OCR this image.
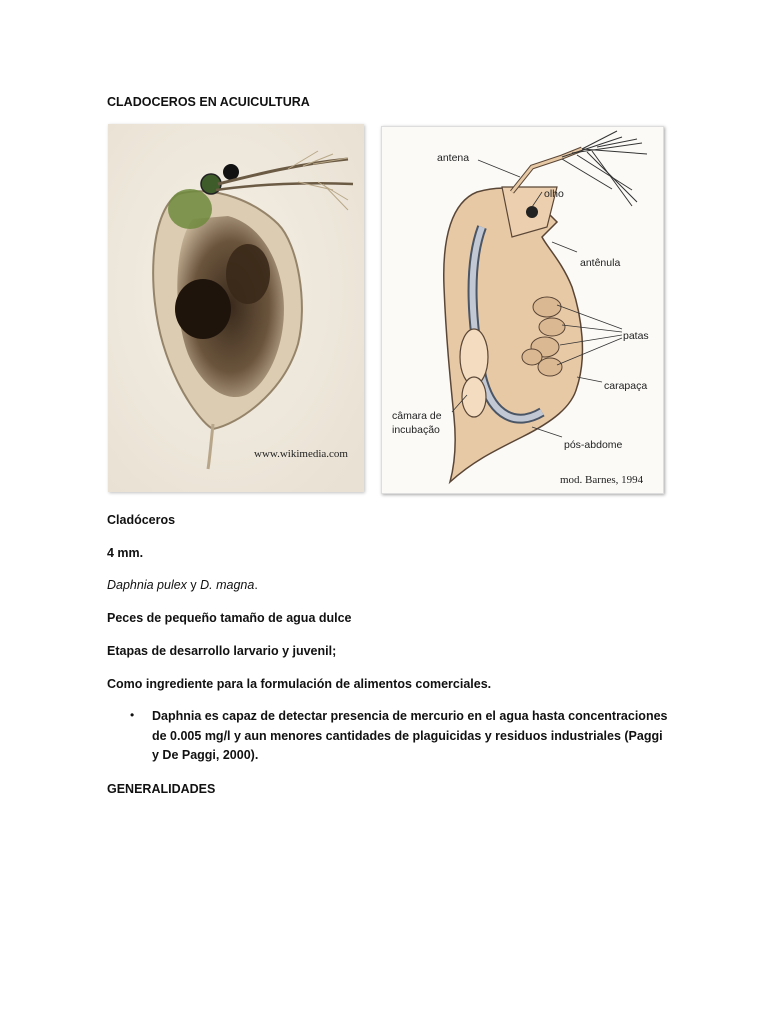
CLADOCEROS EN ACUICULTURA
www.wikimedia.com
antena
olho
antênula
patas
carapaça
câmara de
incubação
pós-abdome
mod. Barnes, 1994
Cladóceros
4 mm.
Daphnia pulex y D. magna.
Peces de pequeño tamaño de agua dulce
Etapas de desarrollo larvario y juvenil;
Como ingrediente para la formulación de alimentos comerciales.
• Daphnia es capaz de detectar presencia de mercurio en el agua hasta concentraciones de 0.005 mg/l y aun menores cantidades de plaguicidas y residuos industriales (Paggi y De Paggi, 2000).
GENERALIDADES
